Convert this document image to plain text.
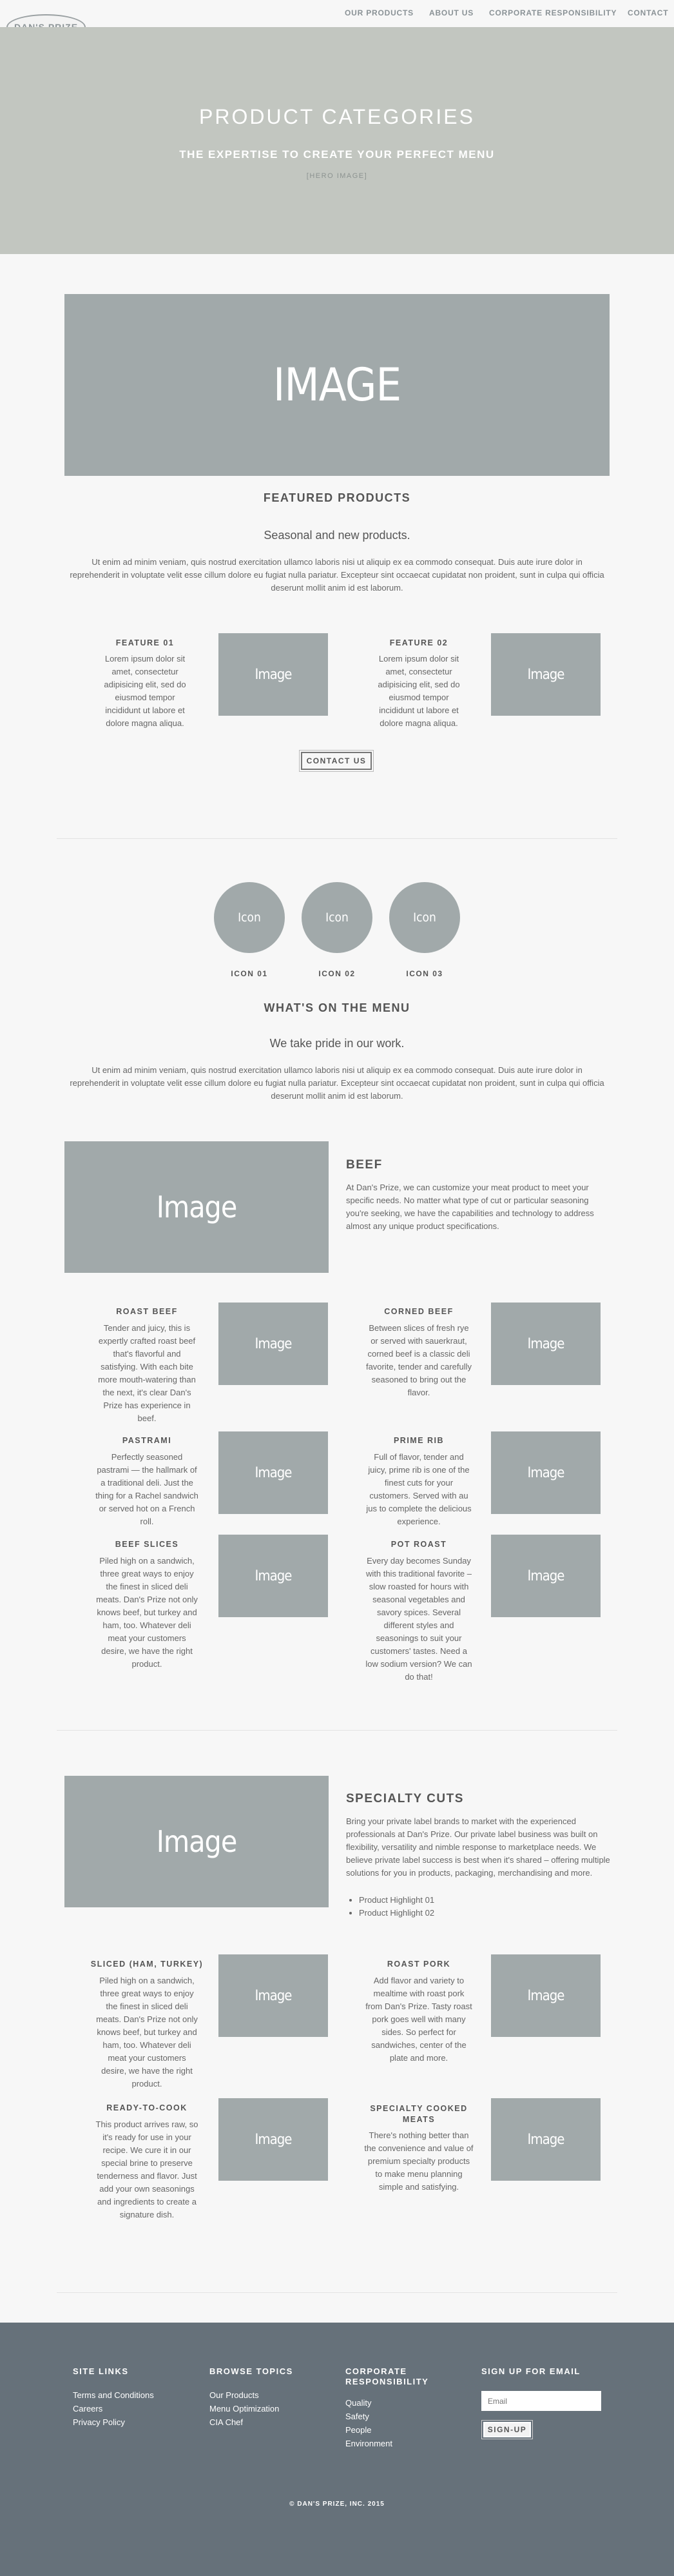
OUR PRODUCTS ABOUT US CORPORATE RESPONSIBILITY CONTACT
PRODUCT CATEGORIES
THE EXPERTISE TO CREATE YOUR PERFECT MENU
[HERO IMAGE]
IMAGE
FEATURED PRODUCTS
Seasonal and new products.

Ut enim ad minim veniam, quis nostrud exercitation ullamco laboris nisi ut aliquip ex ea commodo consequat. Duis aute irure dolor in reprehenderit in voluptate velit esse cillum dolore eu fugiat nulla pariatur. Excepteur sint occaecat cupidatat non proident, sunt in culpa qui officia deserunt mollit anim id est laborum.

FEATURE 01

Lorem ipsum dolor sit amet, consectetur adipisicing elit, sed do eiusmod tempor incididunt ut labore et dolore magna aliqua.

Image
FEATURE 02

Lorem ipsum dolor sit amet, consectetur adipisicing elit, sed do eiusmod tempor incididunt ut labore et dolore magna aliqua.

Image
CONTACT US
Icon	Icon	Icon
ICON 01	ICON 02	ICON 03
WHAT'S ON THE MENU
We take pride in our work.

Ut enim ad minim veniam, quis nostrud exercitation ullamco laboris nisi ut aliquip ex ea commodo consequat. Duis aute irure dolor in reprehenderit in voluptate velit esse cillum dolore eu fugiat nulla pariatur. Excepteur sint occaecat cupidatat non proident, sunt in culpa qui officia deserunt mollit anim id est laborum.

Image
BEEF

At Dan's Prize, we can customize your meat product to meet your specific needs. No matter what type of cut or particular seasoning you're seeking, we have the capabilities and technology to address almost any unique product specifications.

ROAST BEEF

Tender and juicy, this is expertly crafted roast beef that's flavorful and satisfying. With each bite more mouth-watering than the next, it's clear Dan's Prize has experience in beef.

Image
CORNED BEEF

Between slices of fresh rye or served with sauerkraut, corned beef is a classic deli favorite, tender and carefully seasoned to bring out the flavor.

Image
PASTRAMI

Perfectly seasoned pastrami — the hallmark of a traditional deli. Just the thing for a Rachel sandwich or served hot on a French roll.

Image
PRIME RIB

Full of flavor, tender and juicy, prime rib is one of the finest cuts for your customers. Served with au jus to complete the delicious experience.

Image
BEEF SLICES

Piled high on a sandwich, three great ways to enjoy the finest in sliced deli meats. Dan's Prize not only knows beef, but turkey and ham, too. Whatever deli meat your customers desire, we have the right product.

Image
POT ROAST

Every day becomes Sunday with this traditional favorite – slow roasted for hours with seasonal vegetables and savory spices. Several different styles and seasonings to suit your customers' tastes. Need a low sodium version? We can do that!

Image
Image
SPECIALTY CUTS

Bring your private label brands to market with the experienced professionals at Dan's Prize. Our private label business was built on flexibility, versatility and nimble response to marketplace needs. We believe private label success is best when it's shared – offering multiple solutions for you in products, packaging, merchandising and more.

• Product Highlight 01
• Product Highlight 02
SLICED (HAM, TURKEY)

Piled high on a sandwich, three great ways to enjoy the finest in sliced deli meats. Dan's Prize not only knows beef, but turkey and ham, too. Whatever deli meat your customers desire, we have the right product.

Image
ROAST PORK

Add flavor and variety to mealtime with roast pork from Dan's Prize. Tasty roast pork goes well with many sides. So perfect for sandwiches, center of the plate and more.

Image
READY-TO-COOK

This product arrives raw, so it's ready for use in your recipe. We cure it in our special brine to preserve tenderness and flavor. Just add your own seasonings and ingredients to create a signature dish.

Image
SPECIALTY COOKED MEATS

There's nothing better than the convenience and value of premium specialty products to make menu planning simple and satisfying.

Image
SITE LINKS
Terms and Conditions
Careers
Privacy Policy
BROWSE TOPICS
Our Products
Menu Optimization
CIA Chef
CORPORATE RESPONSIBILITY
Quality
Safety
People
Environment
SIGN UP FOR EMAIL
Email
SIGN-UP
© DAN'S PRIZE, INC. 2015
